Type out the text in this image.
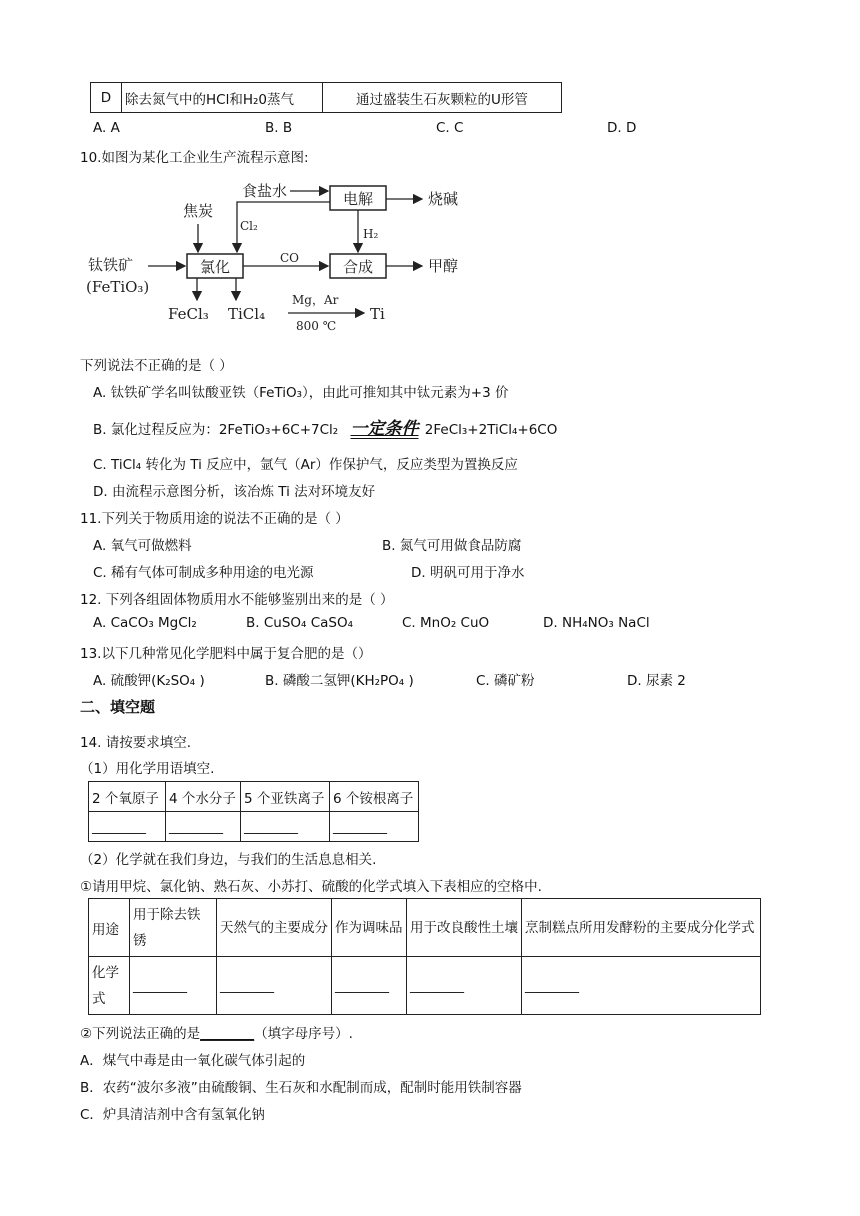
D	除去氮气中的HCl和H₂0蒸气	通过盛装生石灰颗粒的U形管
A. A	B. B	C. C	D. D
10.如图为某化工企业生产流程示意图:
电解
氯化	合成
食盐水	烧碱
Cl₂
H₂
焦炭
钛铁矿
(FeTiO₃)
CO	甲醇
FeCl₃ TiCl₄
Mg，Ar
800 ℃
Ti
下列说法不正确的是（ ）
A. 钛铁矿学名叫钛酸亚铁（FeTiO₃），由此可推知其中钛元素为+3 价
B. 氯化过程反应为：2FeTiO₃+6C+7Cl₂ 一定条件 2FeCl₃+2TiCl₄+6CO
C. TiCl₄ 转化为 Ti 反应中，氩气（Ar）作保护气，反应类型为置换反应
D. 由流程示意图分析，该冶炼 Ti 法对环境友好
11.下列关于物质用途的说法不正确的是（ ）
A. 氧气可做燃料	B. 氮气可用做食品防腐
C. 稀有气体可制成多种用途的电光源	D. 明矾可用于净水
12. 下列各组固体物质用水不能够鉴别出来的是（ ）
A. CaCO₃ MgCl₂	B. CuSO₄ CaSO₄	C. MnO₂ CuO	D. NH₄NO₃ NaCl
13.以下几种常见化学肥料中属于复合肥的是（）
A. 硫酸钾(K₂SO₄ )	B. 磷酸二氢钾(KH₂PO₄ )	C. 磷矿粉	D. 尿素 2
二、填空题
14. 请按要求填空.
（1）用化学用语填空.
2 个氧原子	4 个水分子	5 个亚铁离子	6 个铵根离子
________	________	________	________
（2）化学就在我们身边，与我们的生活息息相关.
①请用甲烷、氯化钠、熟石灰、小苏打、硫酸的化学式填入下表相应的空格中.
用途	用于除去铁锈	天然气的主要成分	作为调味品	用于改良酸性土壤	烹制糕点所用发酵粉的主要成分化学式
化学式	________	________	________	________	________
②下列说法正确的是________（填字母序号）.
A．煤气中毒是由一氧化碳气体引起的
B．农药“波尔多液”由硫酸铜、生石灰和水配制而成，配制时能用铁制容器
C．炉具清洁剂中含有氢氧化钠
